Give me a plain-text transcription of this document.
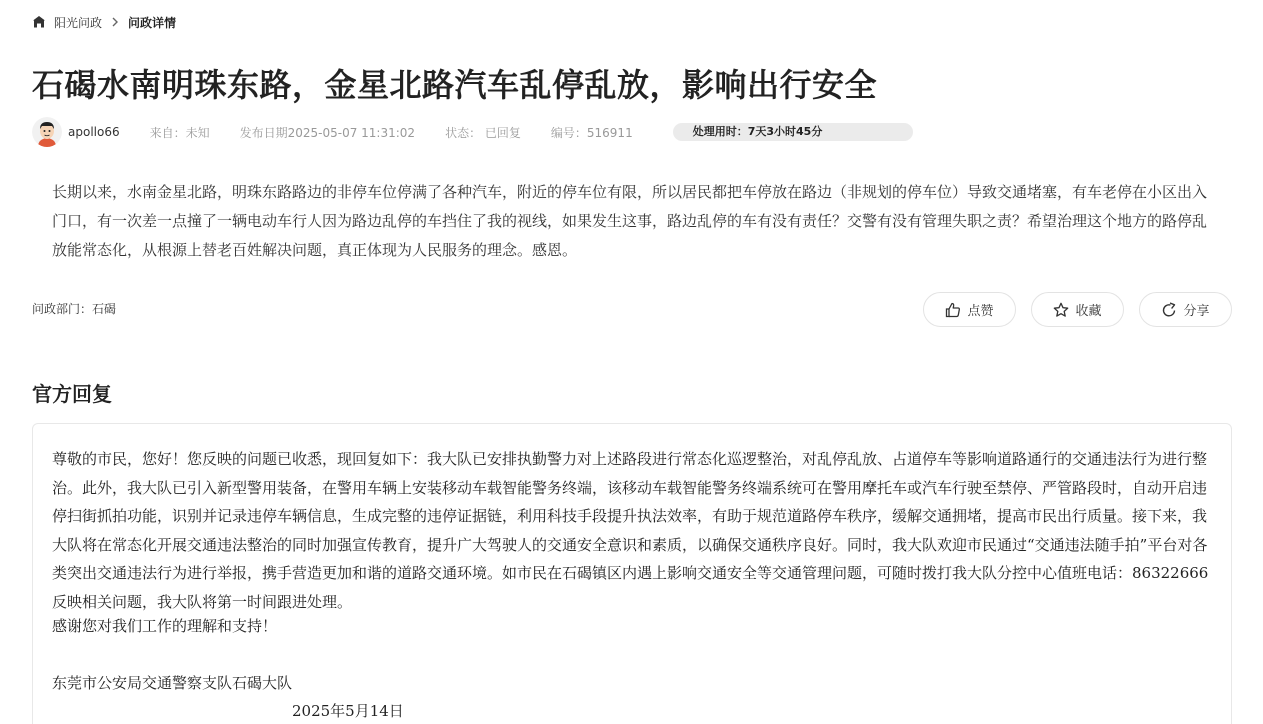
阳光问政 问政详情
石碣水南明珠东路，金星北路汽车乱停乱放，影响出行安全
apollo66	来自：未知	发布日期2025-05-07 11:31:02	状态： 已回复	编号：516911	处理用时：7天3小时45分
长期以来，水南金星北路，明珠东路路边的非停车位停满了各种汽车，附近的停车位有限，所以居民都把车停放在路边（非规划的停车位）导致交通堵塞，有车老停在小区出入门口，有一次差一点撞了一辆电动车行人因为路边乱停的车挡住了我的视线，如果发生这事，路边乱停的车有没有责任？交警有没有管理失职之责？希望治理这个地方的路停乱放能常态化，从根源上替老百姓解决问题，真正体现为人民服务的理念。感恩。
问政部门：石碣	点赞	收藏	分享
官方回复
尊敬的市民，您好！您反映的问题已收悉，现回复如下：我大队已安排执勤警力对上述路段进行常态化巡逻整治，对乱停乱放、占道停车等影响道路通行的交通违法行为进行整治。此外，我大队已引入新型警用装备，在警用车辆上安装移动车载智能警务终端，该移动车载智能警务终端系统可在警用摩托车或汽车行驶至禁停、严管路段时，自动开启违停扫街抓拍功能，识别并记录违停车辆信息，生成完整的违停证据链，利用科技手段提升执法效率，有助于规范道路停车秩序，缓解交通拥堵，提高市民出行质量。接下来，我大队将在常态化开展交通违法整治的同时加强宣传教育，提升广大驾驶人的交通安全意识和素质，以确保交通秩序良好。同时，我大队欢迎市民通过“交通违法随手拍”平台对各类突出交通违法行为进行举报，携手营造更加和谐的道路交通环境。如市民在石碣镇区内遇上影响交通安全等交通管理问题，可随时拨打我大队分控中心值班电话：86322666反映相关问题，我大队将第一时间跟进处理。
感谢您对我们工作的理解和支持！
东莞市公安局交通警察支队石碣大队
2025年5月14日
